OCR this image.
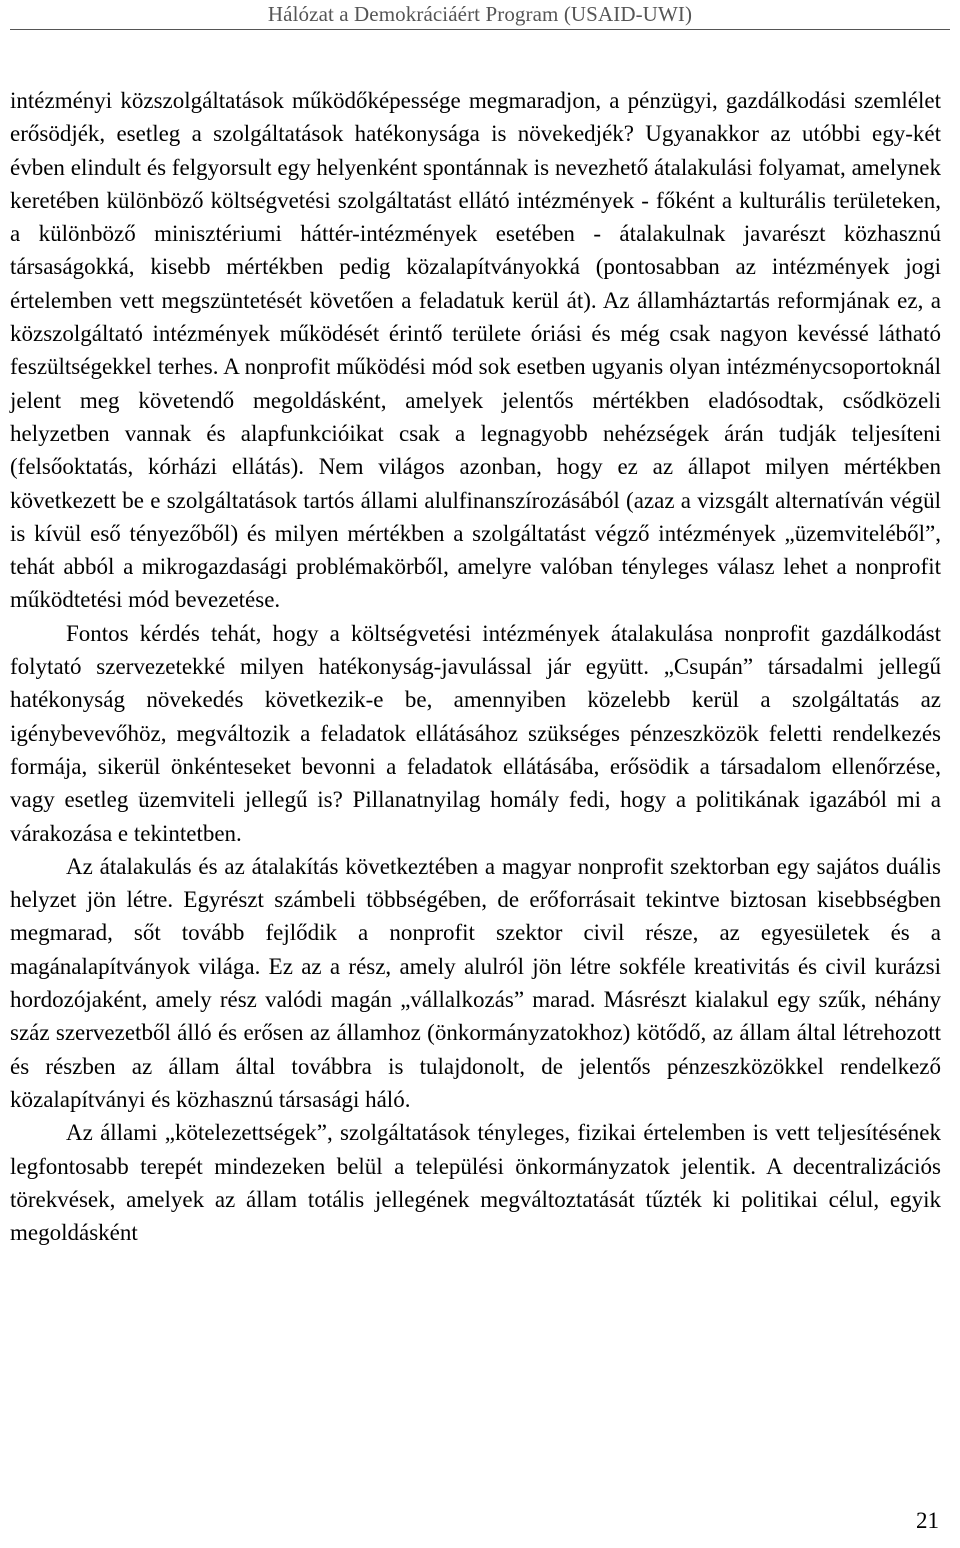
Hálózat a Demokráciáért Program (USAID-UWI)

intézményi közszolgáltatások működőképessége megmaradjon, a pénzügyi, gazdálkodási szemlélet erősödjék, esetleg a szolgáltatások hatékonysága is növekedjék? Ugyanakkor az utóbbi egy-két évben elindult és felgyorsult egy helyenként spontánnak is nevezhető átalakulási folyamat, amelynek keretében különböző költségvetési szolgáltatást ellátó intézmények - főként a kulturális területeken, a különböző minisztériumi háttér-intézmények esetében - átalakulnak javarészt közhasznú társaságokká, kisebb mértékben pedig közalapítványokká (pontosabban az intézmények jogi értelemben vett megszüntetését követően a feladatuk kerül át). Az államháztartás reformjának ez, a közszolgáltató intézmények működését érintő területe óriási és még csak nagyon kevéssé látható feszültségekkel terhes. A nonprofit működési mód sok esetben ugyanis olyan intézménycsoportoknál jelent meg követendő megoldásként, amelyek jelentős mértékben eladósodtak, csődközeli helyzetben vannak és alapfunkcióikat csak a legnagyobb nehézségek árán tudják teljesíteni (felsőoktatás, kórházi ellátás). Nem világos azonban, hogy ez az állapot milyen mértékben következett be e szolgáltatások tartós állami alulfinanszírozásából (azaz a vizsgált alternatíván végül is kívül eső tényezőből) és milyen mértékben a szolgáltatást végző intézmények „üzemviteléből”, tehát abból a mikrogazdasági problémakörből, amelyre valóban tényleges válasz lehet a nonprofit működtetési mód bevezetése.

Fontos kérdés tehát, hogy a költségvetési intézmények átalakulása nonprofit gazdálkodást folytató szervezetekké milyen hatékonyság-javulással jár együtt. „Csupán” társadalmi jellegű hatékonyság növekedés következik-e be, amennyiben közelebb kerül a szolgáltatás az igénybevevőhöz, megváltozik a feladatok ellátásához szükséges pénzeszközök feletti rendelkezés formája, sikerül önkénteseket bevonni a feladatok ellátásába, erősödik a társadalom ellenőrzése, vagy esetleg üzemviteli jellegű is? Pillanatnyilag homály fedi, hogy a politikának igazából mi a várakozása e tekintetben.

Az átalakulás és az átalakítás következtében a magyar nonprofit szektorban egy sajátos duális helyzet jön létre. Egyrészt számbeli többségében, de erőforrásait tekintve biztosan kisebbségben megmarad, sőt tovább fejlődik a nonprofit szektor civil része, az egyesületek és a magánalapítványok világa. Ez az a rész, amely alulról jön létre sokféle kreativitás és civil kurázsi hordozójaként, amely rész valódi magán „vállalkozás” marad. Másrészt kialakul egy szűk, néhány száz szervezetből álló és erősen az államhoz (önkormányzatokhoz) kötődő, az állam által létrehozott és részben az állam által továbbra is tulajdonolt, de jelentős pénzeszközökkel rendelkező közalapítványi és közhasznú társasági háló.

Az állami „kötelezettségek”, szolgáltatások tényleges, fizikai értelemben is vett teljesítésének legfontosabb terepét mindezeken belül a települési önkormányzatok jelentik. A decentralizációs törekvések, amelyek az állam totális jellegének megváltoztatását tűzték ki politikai célul, egyik megoldásként

21
